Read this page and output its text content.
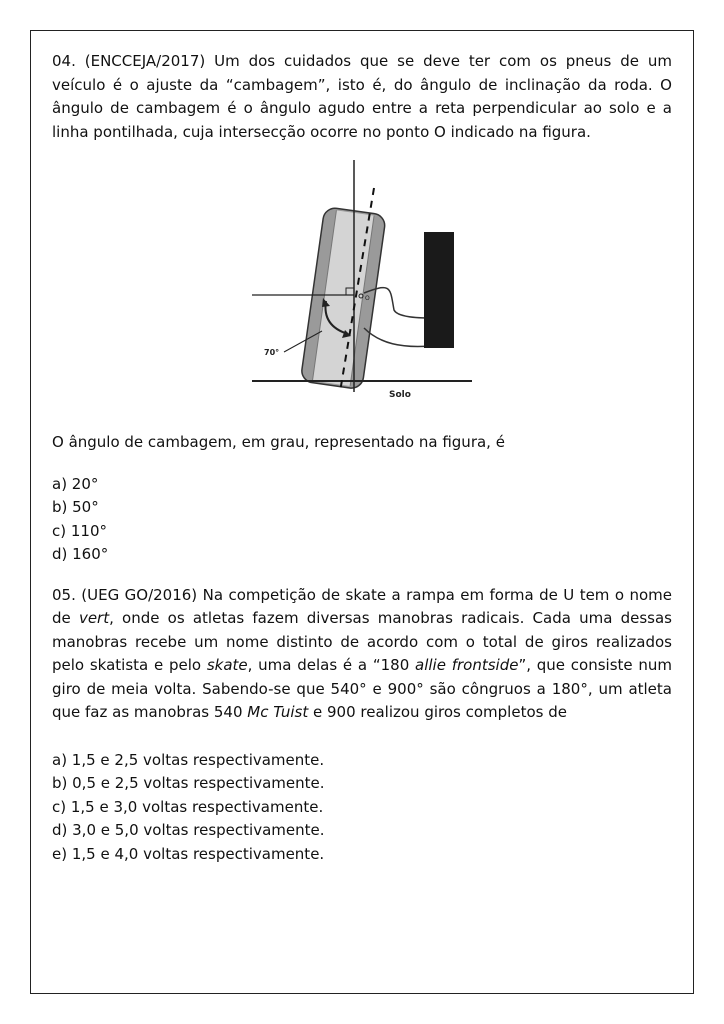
04. (ENCCEJA/2017) Um dos cuidados que se deve ter com os pneus de um veículo é o ajuste da “cambagem”, isto é, do ângulo de inclinação da roda. O ângulo de cambagem é o ângulo agudo entre a reta perpendicular ao solo e a linha pontilhada, cuja intersecção ocorre no ponto O indicado na figura.

O
70°
Solo

O ângulo de cambagem, em grau, representado na figura, é

a) 20°

b) 50°

c) 110°

d) 160°

05. (UEG GO/2016) Na competição de skate a rampa em forma de U tem o nome de vert, onde os atletas fazem diversas manobras radicais. Cada uma dessas manobras recebe um nome distinto de acordo com o total de giros realizados pelo skatista e pelo skate, uma delas é a “180 allie frontside”, que consiste num giro de meia volta. Sabendo-se que 540° e 900° são côngruos a 180°, um atleta que faz as manobras 540 Mc Tuist e 900 realizou giros completos de

a) 1,5 e 2,5 voltas respectivamente.

b) 0,5 e 2,5 voltas respectivamente.

c) 1,5 e 3,0 voltas respectivamente.

d) 3,0 e 5,0 voltas respectivamente.

e) 1,5 e 4,0 voltas respectivamente.
